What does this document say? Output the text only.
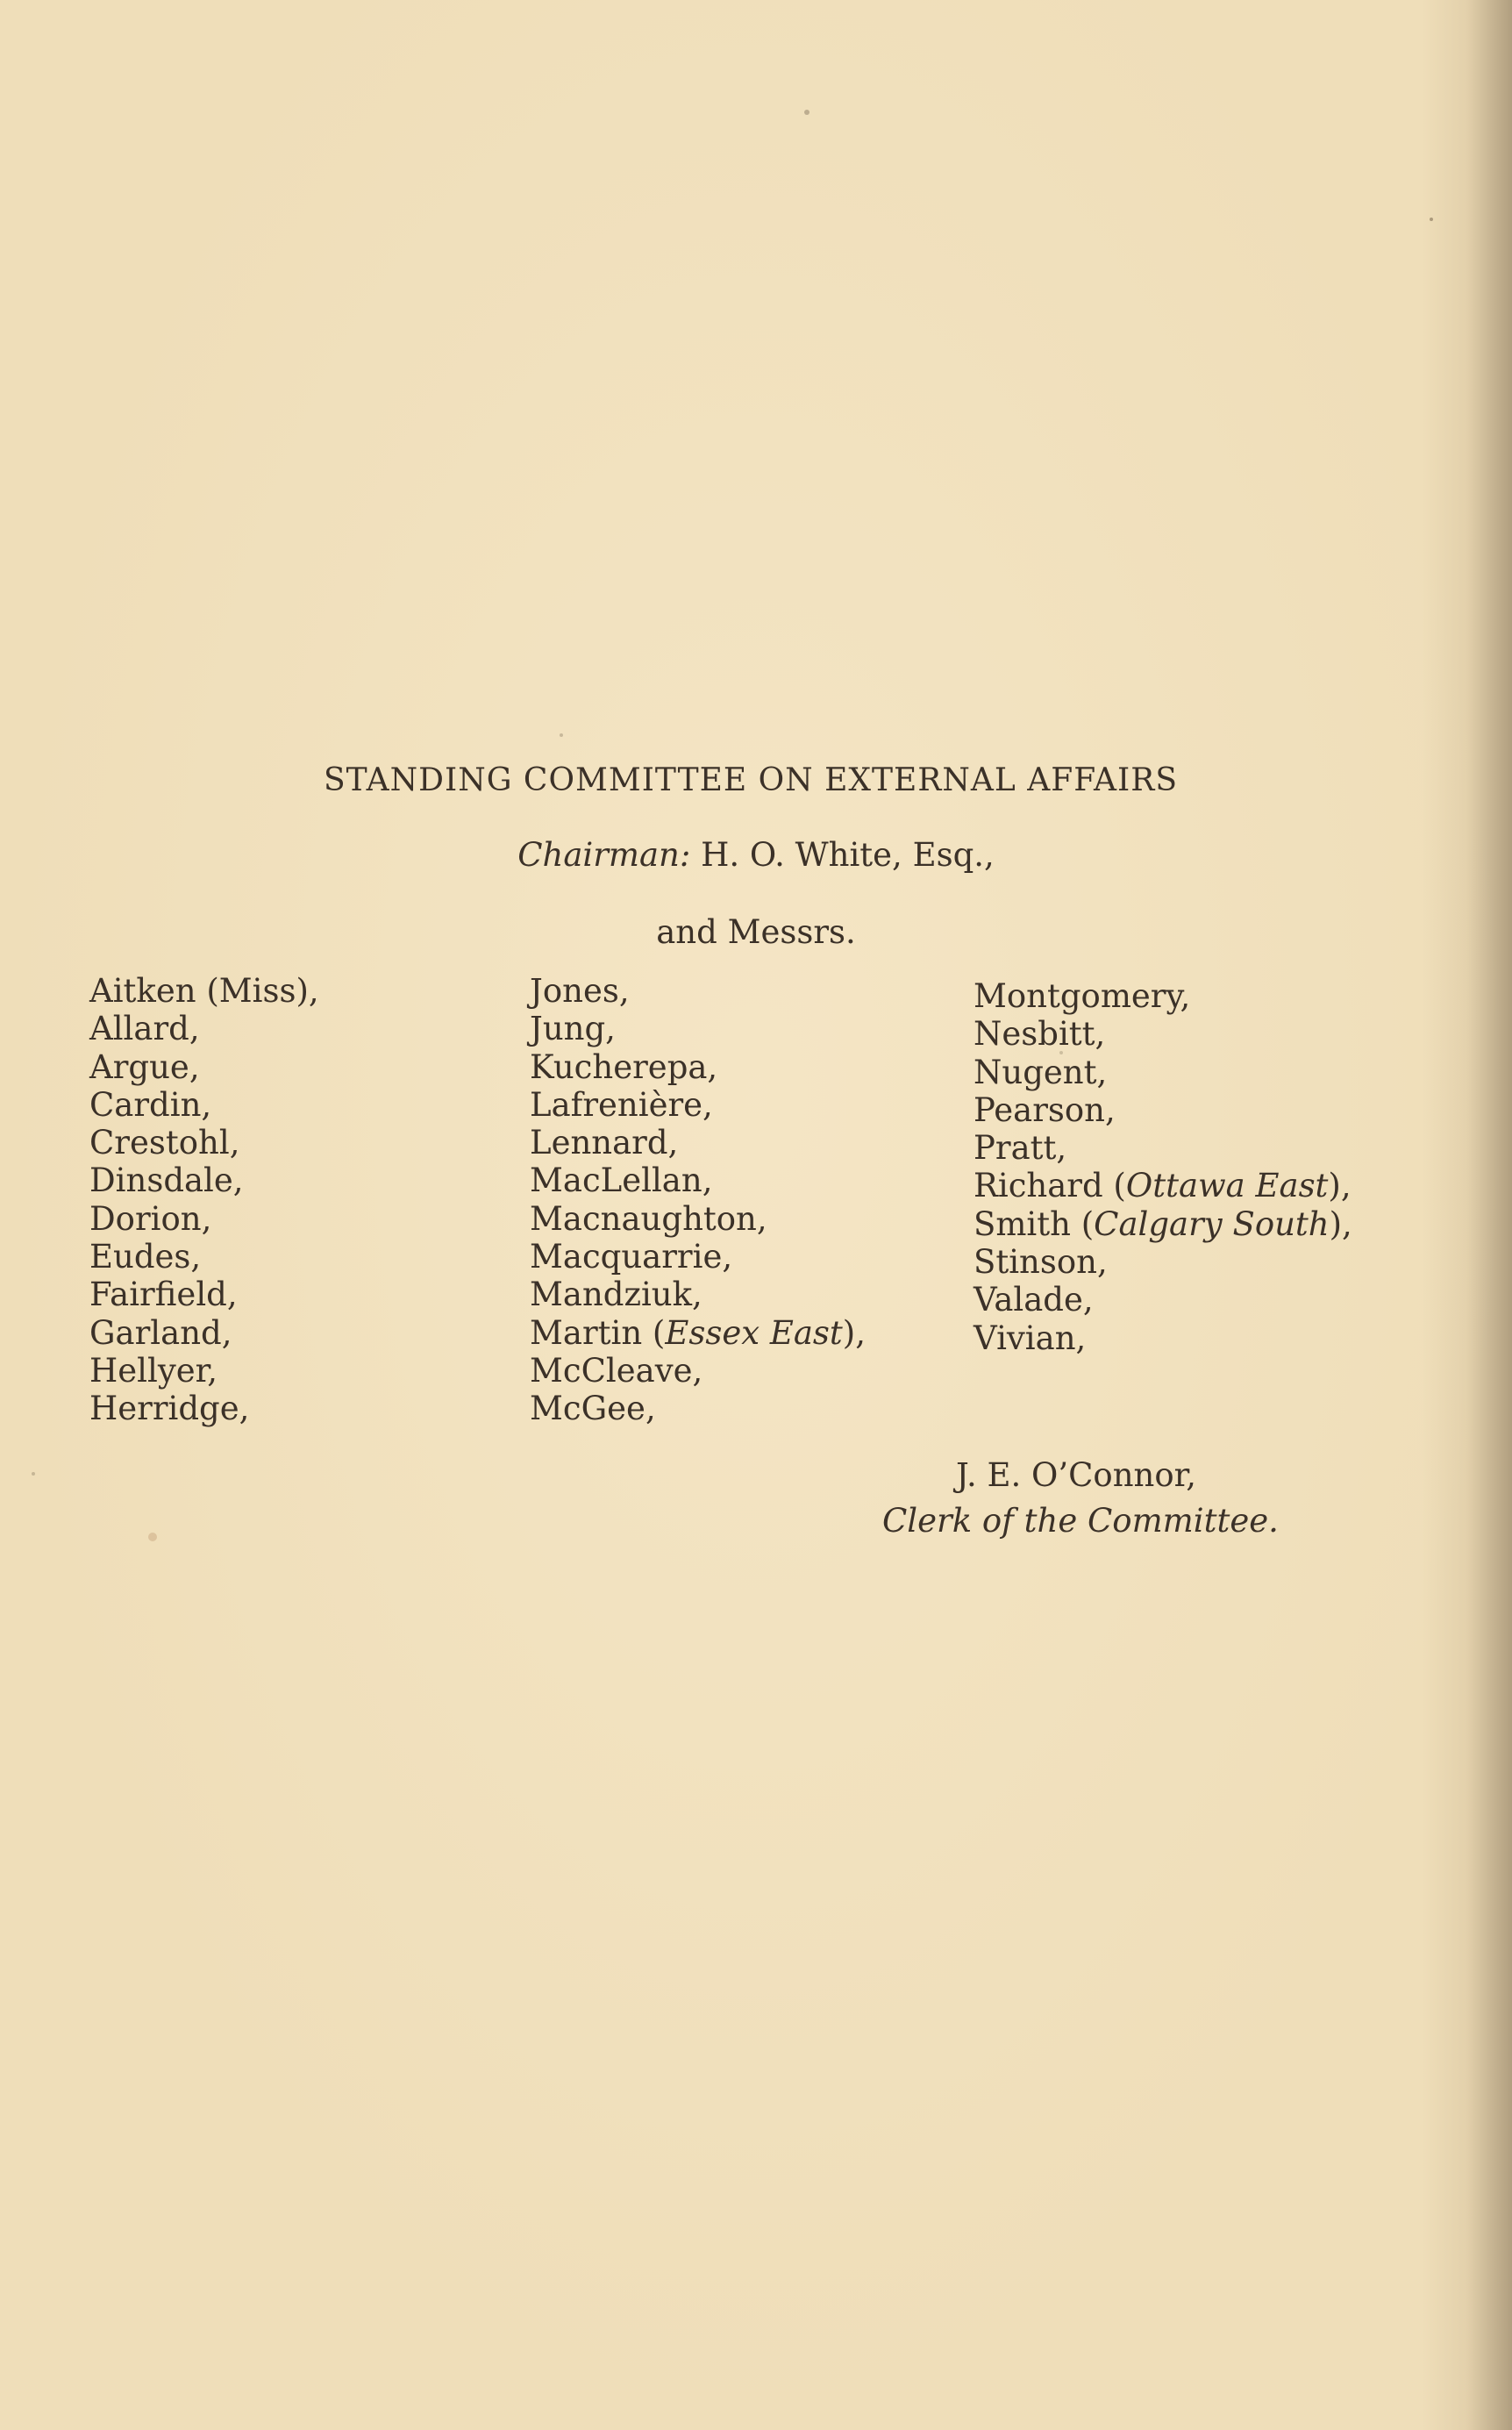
STANDING COMMITTEE ON EXTERNAL AFFAIRS
Chairman: H. O. White, Esq.,
and Messrs.
Aitken (Miss),
Allard,
Argue,
Cardin,
Crestohl,
Dinsdale,
Dorion,
Eudes,
Fairfield,
Garland,
Hellyer,
Herridge,
Jones,
Jung,
Kucherepa,
Lafrenière,
Lennard,
MacLellan,
Macnaughton,
Macquarrie,
Mandziuk,
Martin (Essex East),
McCleave,
McGee,
Montgomery,
Nesbitt,
Nugent,
Pearson,
Pratt,
Richard (Ottawa East),
Smith (Calgary South),
Stinson,
Valade,
Vivian,
J. E. O’Connor,
Clerk of the Committee.
